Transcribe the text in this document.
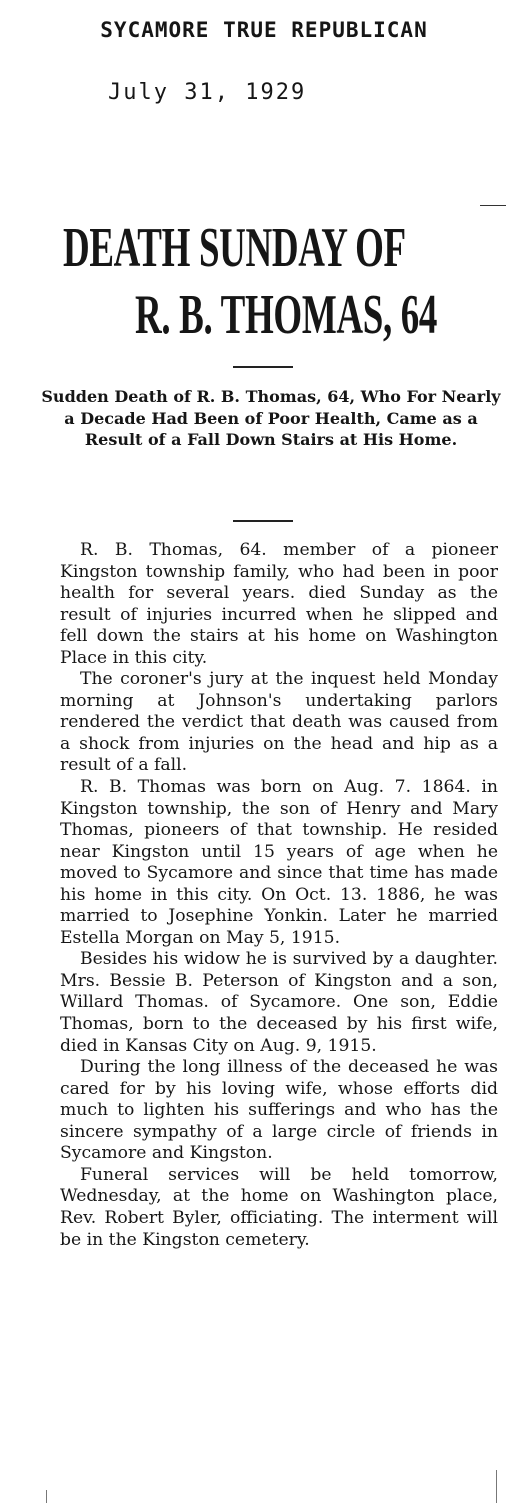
SYCAMORE TRUE REPUBLICAN
July 31, 1929
DEATH SUNDAY OF
R. B. THOMAS, 64

Sudden Death of R. B. Thomas, 64, Who For Nearly a Decade Had Been of Poor Health, Came as a Result of a Fall Down Stairs at His Home.

R. B. Thomas, 64. member of a pioneer Kingston township family, who had been in poor health for several years. died Sunday as the result of injuries incurred when he slipped and fell down the stairs at his home on Washington Place in this city.

The coroner's jury at the inquest held Monday morning at Johnson's undertaking parlors rendered the verdict that death was caused from a shock from injuries on the head and hip as a result of a fall.

R. B. Thomas was born on Aug. 7. 1864. in Kingston township, the son of Henry and Mary Thomas, pioneers of that township. He resided near Kingston until 15 years of age when he moved to Sycamore and since that time has made his home in this city. On Oct. 13. 1886, he was married to Josephine Yonkin. Later he married Estella Morgan on May 5, 1915.

Besides his widow he is survived by a daughter. Mrs. Bessie B. Peterson of Kingston and a son, Willard Thomas. of Sycamore. One son, Eddie Thomas, born to the deceased by his first wife, died in Kansas City on Aug. 9, 1915.

During the long illness of the deceased he was cared for by his loving wife, whose efforts did much to lighten his sufferings and who has the sincere sympathy of a large circle of friends in Sycamore and Kingston.

Funeral services will be held tomorrow, Wednesday, at the home on Washington place, Rev. Robert Byler, officiating. The interment will be in the Kingston cemetery.
